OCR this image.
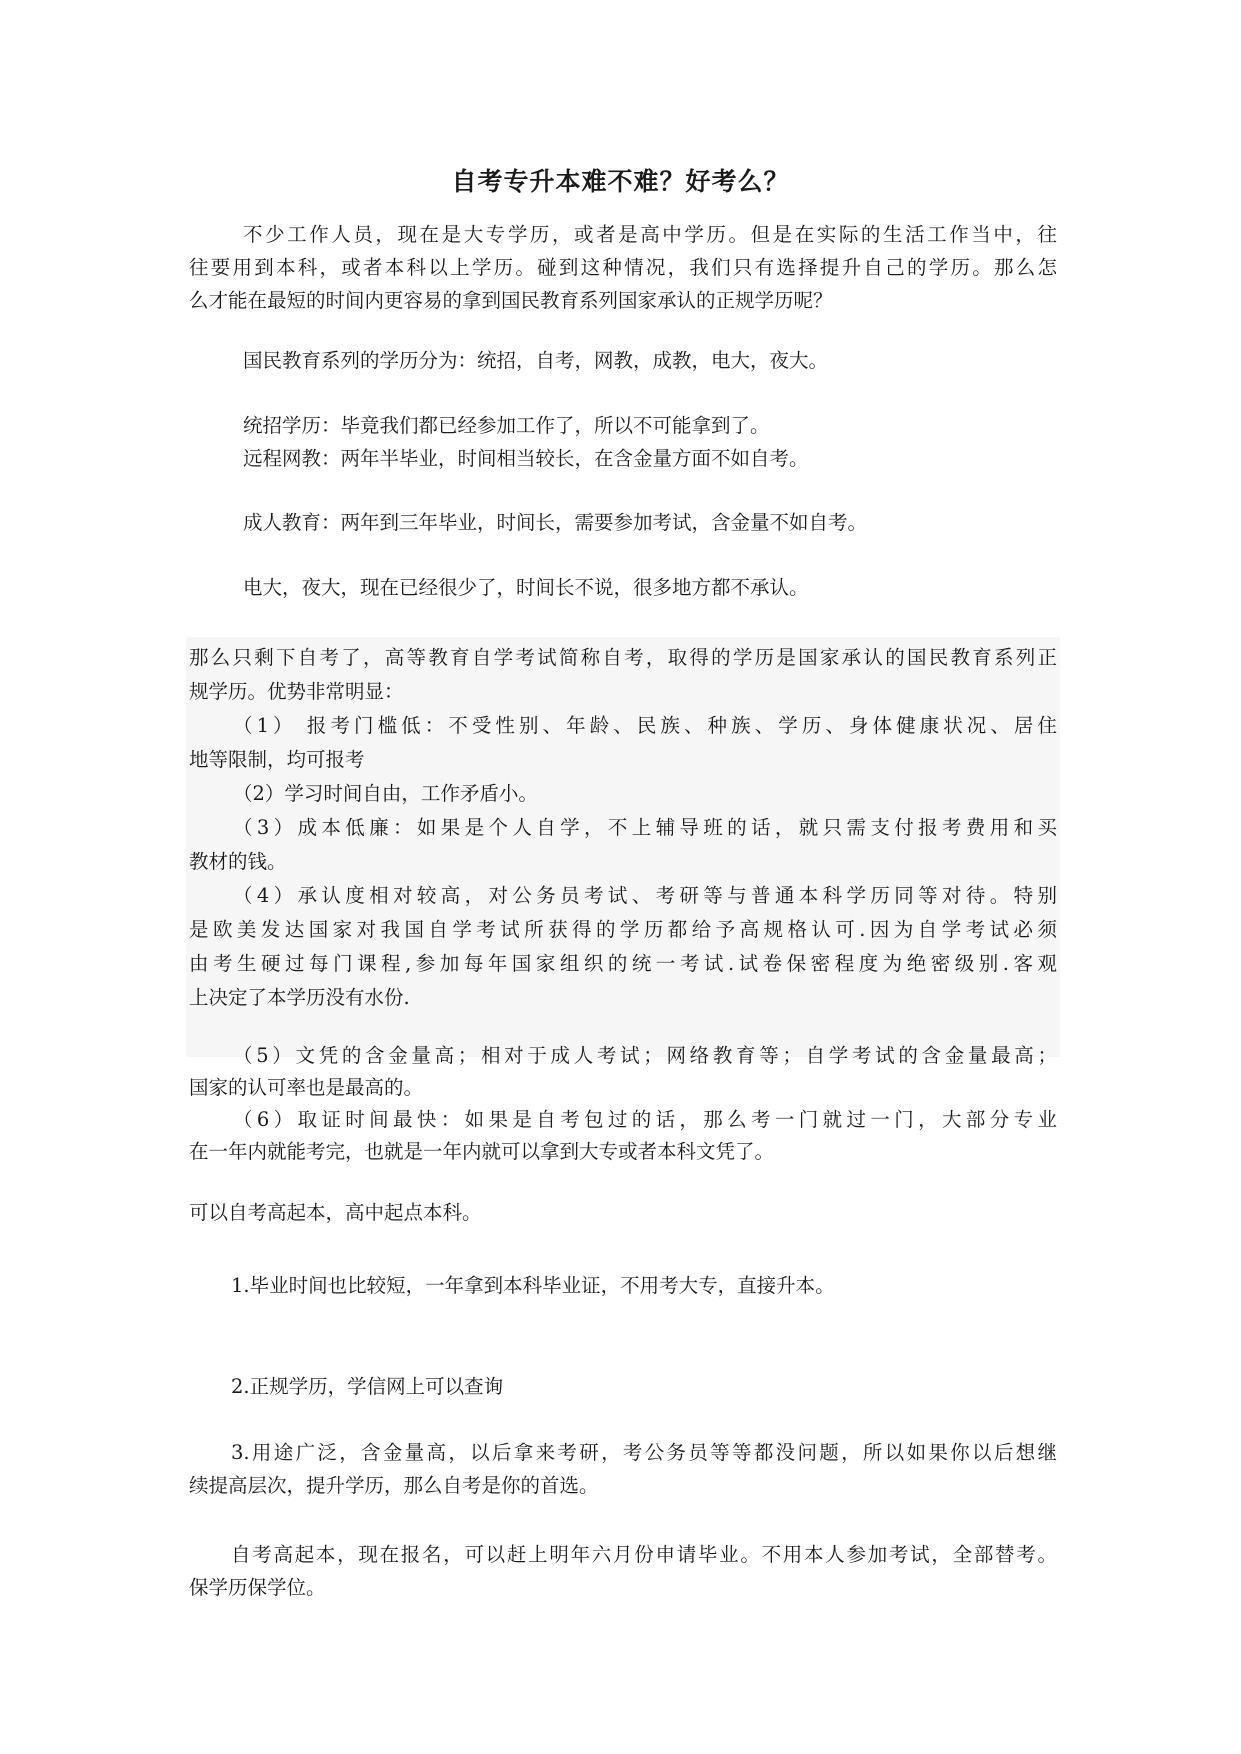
自考专升本难不难？好考么？
不少工作人员，现在是大专学历，或者是高中学历。但是在实际的生活工作当中，往
往要用到本科，或者本科以上学历。碰到这种情况，我们只有选择提升自己的学历。那么怎
么才能在最短的时间内更容易的拿到国民教育系列国家承认的正规学历呢？
国民教育系列的学历分为：统招，自考，网教，成教，电大，夜大。
统招学历：毕竟我们都已经参加工作了，所以不可能拿到了。
远程网教：两年半毕业，时间相当较长，在含金量方面不如自考。
成人教育：两年到三年毕业，时间长，需要参加考试，含金量不如自考。
电大，夜大，现在已经很少了，时间长不说，很多地方都不承认。
那么只剩下自考了，高等教育自学考试简称自考，取得的学历是国家承认的国民教育系列正
规学历。优势非常明显：
（1） 报考门槛低：不受性别、年龄、民族、种族、学历、身体健康状况、居住
地等限制，均可报考
（2）学习时间自由，工作矛盾小。
（3）成本低廉：如果是个人自学，不上辅导班的话，就只需支付报考费用和买
教材的钱。
（4）承认度相对较高，对公务员考试、考研等与普通本科学历同等对待。特别
是欧美发达国家对我国自学考试所获得的学历都给予高规格认可.因为自学考试必须
由考生硬过每门课程,参加每年国家组织的统一考试.试卷保密程度为绝密级别.客观
上决定了本学历没有水份.
（5）文凭的含金量高；相对于成人考试；网络教育等；自学考试的含金量最高；
国家的认可率也是最高的。
（6）取证时间最快：如果是自考包过的话，那么考一门就过一门，大部分专业
在一年内就能考完，也就是一年内就可以拿到大专或者本科文凭了。
可以自考高起本，高中起点本科。
1.毕业时间也比较短，一年拿到本科毕业证，不用考大专，直接升本。
2.正规学历，学信网上可以查询
3.用途广泛，含金量高，以后拿来考研，考公务员等等都没问题，所以如果你以后想继
续提高层次，提升学历，那么自考是你的首选。
自考高起本，现在报名，可以赶上明年六月份申请毕业。不用本人参加考试，全部替考。
保学历保学位。
